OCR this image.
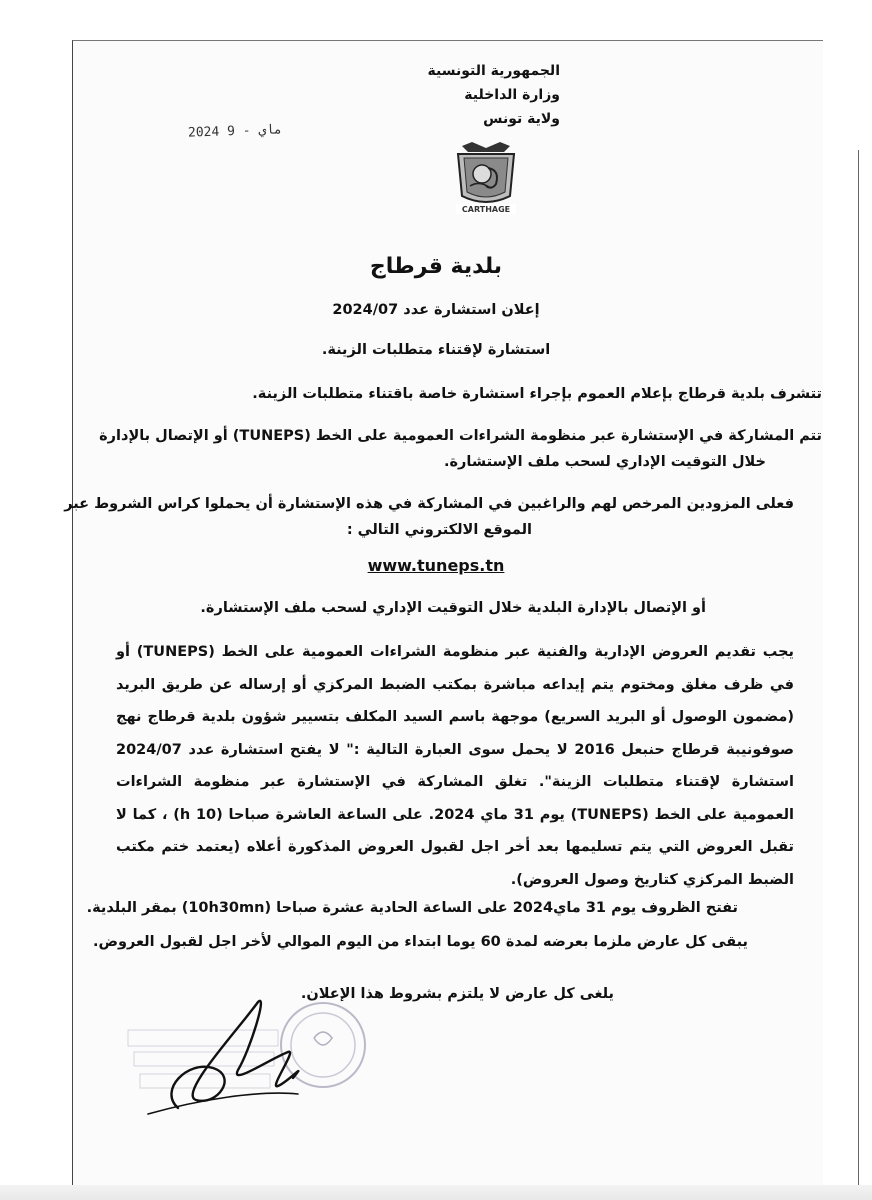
الجمهورية التونسية
وزارة الداخلية
ولاية تونس
2024 ماي - 9
CARTHAGE
بلدية قرطاج
إعلان استشارة عدد 2024/07
استشارة لإقتناء متطلبات الزينة.
تتشرف بلدية قرطاج بإعلام العموم بإجراء استشارة خاصة باقتناء متطلبات الزينة.
تتم المشاركة في الإستشارة عبر منظومة الشراءات العمومية على الخط (TUNEPS) أو الإتصال بالإدارة
خلال التوقيت الإداري لسحب ملف الإستشارة.
فعلى المزودين المرخص لهم والراغبين في المشاركة في هذه الإستشارة أن يحملوا كراس الشروط عبر
الموقع الالكتروني التالي :
www.tuneps.tn
أو الإتصال بالإدارة البلدية خلال التوقيت الإداري لسحب ملف الإستشارة.
يجب تقديم العروض الإدارية والفنية عبر منظومة الشراءات العمومية على الخط (TUNEPS) أو في ظرف مغلق ومختوم يتم إيداعه مباشرة بمكتب الضبط المركزي أو إرساله عن طريق البريد (مضمون الوصول أو البريد السريع) موجهة باسم السيد المكلف بتسيير شؤون بلدية قرطاج نهج صوفونيبة قرطاج حنبعل 2016 لا يحمل سوى العبارة التالية :" لا يفتح استشارة عدد 2024/07 استشارة لإقتناء متطلبات الزينة". تغلق المشاركة في الإستشارة عبر منظومة الشراءات العمومية على الخط (TUNEPS) يوم 31 ماي 2024. على الساعة العاشرة صباحا (10 h) ، كما لا تقبل العروض التي يتم تسليمها بعد أخر اجل لقبول العروض المذكورة أعلاه (يعتمد ختم مكتب الضبط المركزي كتاريخ وصول العروض).
تفتح الظروف يوم 31 ماي2024 على الساعة الحادية عشرة صباحا (10h30mn) بمقر البلدية.
يبقى كل عارض ملزما بعرضه لمدة 60 يوما ابتداء من اليوم الموالي لأخر اجل لقبول العروض.
يلغى كل عارض لا يلتزم بشروط هذا الإعلان.
